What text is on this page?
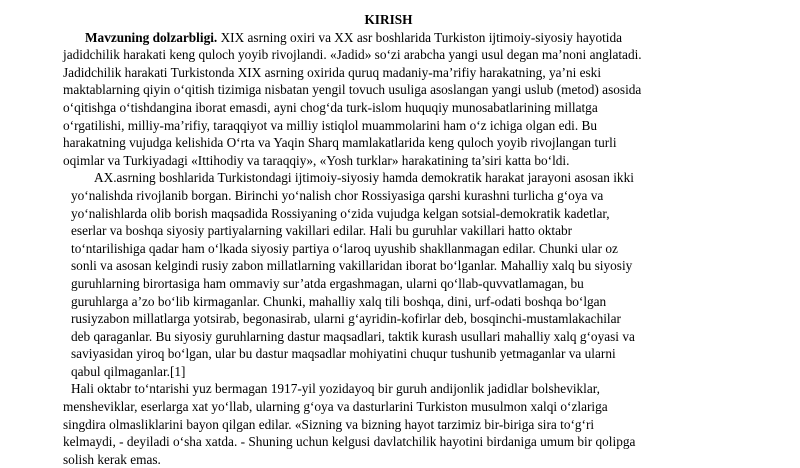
KIRISH

Mavzuning dolzarbligi. XIX asrning oxiri va XX asr boshlarida Turkiston ijtimoiy-siyosiy hayotida jadidchilik harakati keng quloch yoyib rivojlandi. «Jadid» so‘zi arabcha yangi usul degan ma’noni anglatadi. Jadidchilik harakati Turkistonda XIX asrning oxirida quruq madaniy-ma’rifiy harakatning, ya’ni eski maktablarning qiyin o‘qitish tizimiga nisbatan yengil tovuch usuliga asoslangan yangi uslub (metod) asosida o‘qitishga o‘tishdangina iborat emasdi, ayni chog‘da turk-islom huquqiy munosabatlarining millatga o‘rgatilishi, milliy-ma’rifiy, taraqqiyot va milliy istiqlol muammolarini ham o‘z ichiga olgan edi. Bu harakatning vujudga kelishida O‘rta va Yaqin Sharq mamlakatlarida keng quloch yoyib rivojlangan turli oqimlar va Turkiyadagi «Ittihodiy va taraqqiy», «Yosh turklar» harakatining ta’siri katta bo‘ldi.

AX.asrning boshlarida Turkistondagi ijtimoiy-siyosiy hamda demokratik harakat jarayoni asosan ikki yo‘nalishda rivojlanib borgan. Birinchi yo‘nalish chor Rossiyasiga qarshi kurashni turlicha g‘oya va yo‘nalishlarda olib borish maqsadida Rossiyaning o‘zida vujudga kelgan sotsial-demokratik kadetlar, eserlar va boshqa siyosiy partiyalarning vakillari edilar. Hali bu guruhlar vakillari hatto oktabr to‘ntarilishiga qadar ham o‘lkada siyosiy partiya o‘laroq uyushib shakllanmagan edilar. Chunki ular oz sonli va asosan kelgindi rusiy zabon millatlarning vakillaridan iborat bo‘lganlar. Mahalliy xalq bu siyosiy guruhlarning birortasiga ham ommaviy sur’atda ergashmagan, ularni qo‘llab-quvvatlamagan, bu guruhlarga a’zo bo‘lib kirmaganlar. Chunki, mahalliy xalq tili boshqa, dini, urf-odati boshqa bo‘lgan rusiyzabon millatlarga yotsirab, begonasirab, ularni g‘ayridin-kofirlar deb, bosqinchi-mustamlakachilar deb qaraganlar. Bu siyosiy guruhlarning dastur maqsadlari, taktik kurash usullari mahalliy xalq g‘oyasi va saviyasidan yiroq bo‘lgan, ular bu dastur maqsadlar mohiyatini chuqur tushunib yetmaganlar va ularni qabul qilmaganlar.[1]

Hali oktabr to‘ntarishi yuz bermagan 1917-yil yozidayoq bir guruh andijonlik jadidlar bolsheviklar, mensheviklar, eserlarga xat yo‘llab, ularning g‘oya va dasturlarini Turkiston musulmon xalqi o‘zlariga singdira olmasliklarini bayon qilgan edilar. «Sizning va bizning hayot tarzimiz bir-biriga sira to‘g‘ri kelmaydi, - deyiladi o‘sha xatda. - Shuning uchun kelgusi davlatchilik hayotini birdaniga umum bir qolipga solish kerak emas.
